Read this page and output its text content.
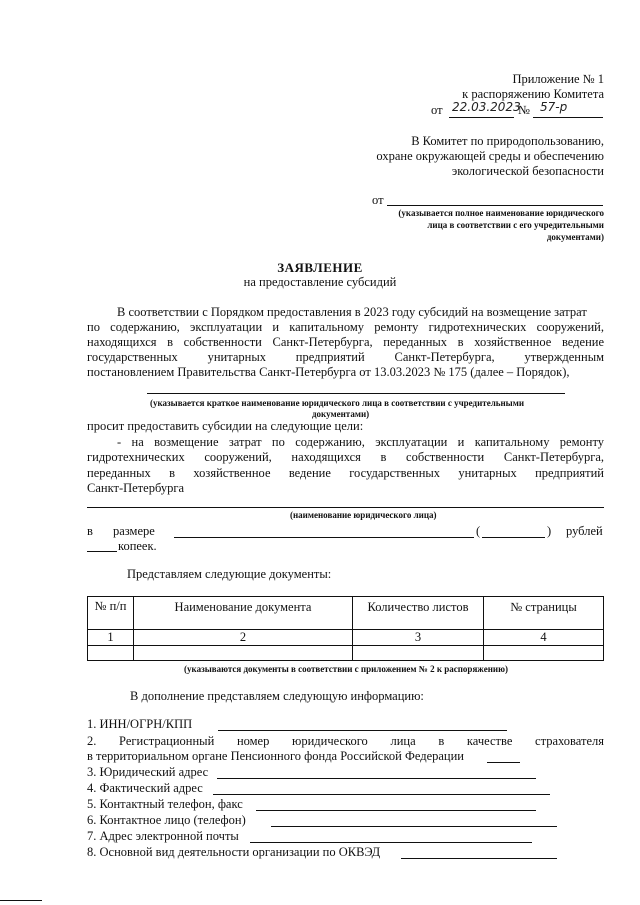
Приложение № 1
к распоряжению Комитета
от 22.03.2023
№ 57-р
В Комитет по природопользованию,
охране окружающей среды и обеспечению
экологической безопасности
от
(указывается полное наименование юридического
лица в соответствии с его учредительными
документами)
ЗАЯВЛЕНИЕ
на предоставление субсидий
В соответствии с Порядком предоставления в 2023 году субсидий на возмещение затрат
по содержанию, эксплуатации и капитальному ремонту гидротехнических сооружений,
находящихся в собственности Санкт-Петербурга, переданных в хозяйственное ведение
государственных унитарных предприятий Санкт-Петербурга, утвержденным
постановлением Правительства Санкт-Петербурга от 13.03.2023 № 175 (далее – Порядок),
(указывается краткое наименование юридического лица в соответствии с учредительными
документами)
просит предоставить субсидии на следующие цели:
- на возмещение затрат по содержанию, эксплуатации и капитальному ремонту
гидротехнических сооружений, находящихся в собственности Санкт-Петербурга,
переданных в хозяйственное ведение государственных унитарных предприятий
Санкт-Петербурга
(наименование юридического лица)
в размере	(	) рублей
копеек.
Представляем следующие документы:
№ п/п	Наименование документа	Количество листов	№ страницы
1	2	3	4

(указываются документы в соответствии с приложением № 2 к распоряжению)
В дополнение представляем следующую информацию:
1. ИНН/ОГРН/КПП
2. Регистрационный номер юридического лица в качестве страхователя
в территориальном органе Пенсионного фонда Российской Федерации
3. Юридический адрес
4. Фактический адрес
5. Контактный телефон, факс
6. Контактное лицо (телефон)
7. Адрес электронной почты
8. Основной вид деятельности организации по ОКВЭД
